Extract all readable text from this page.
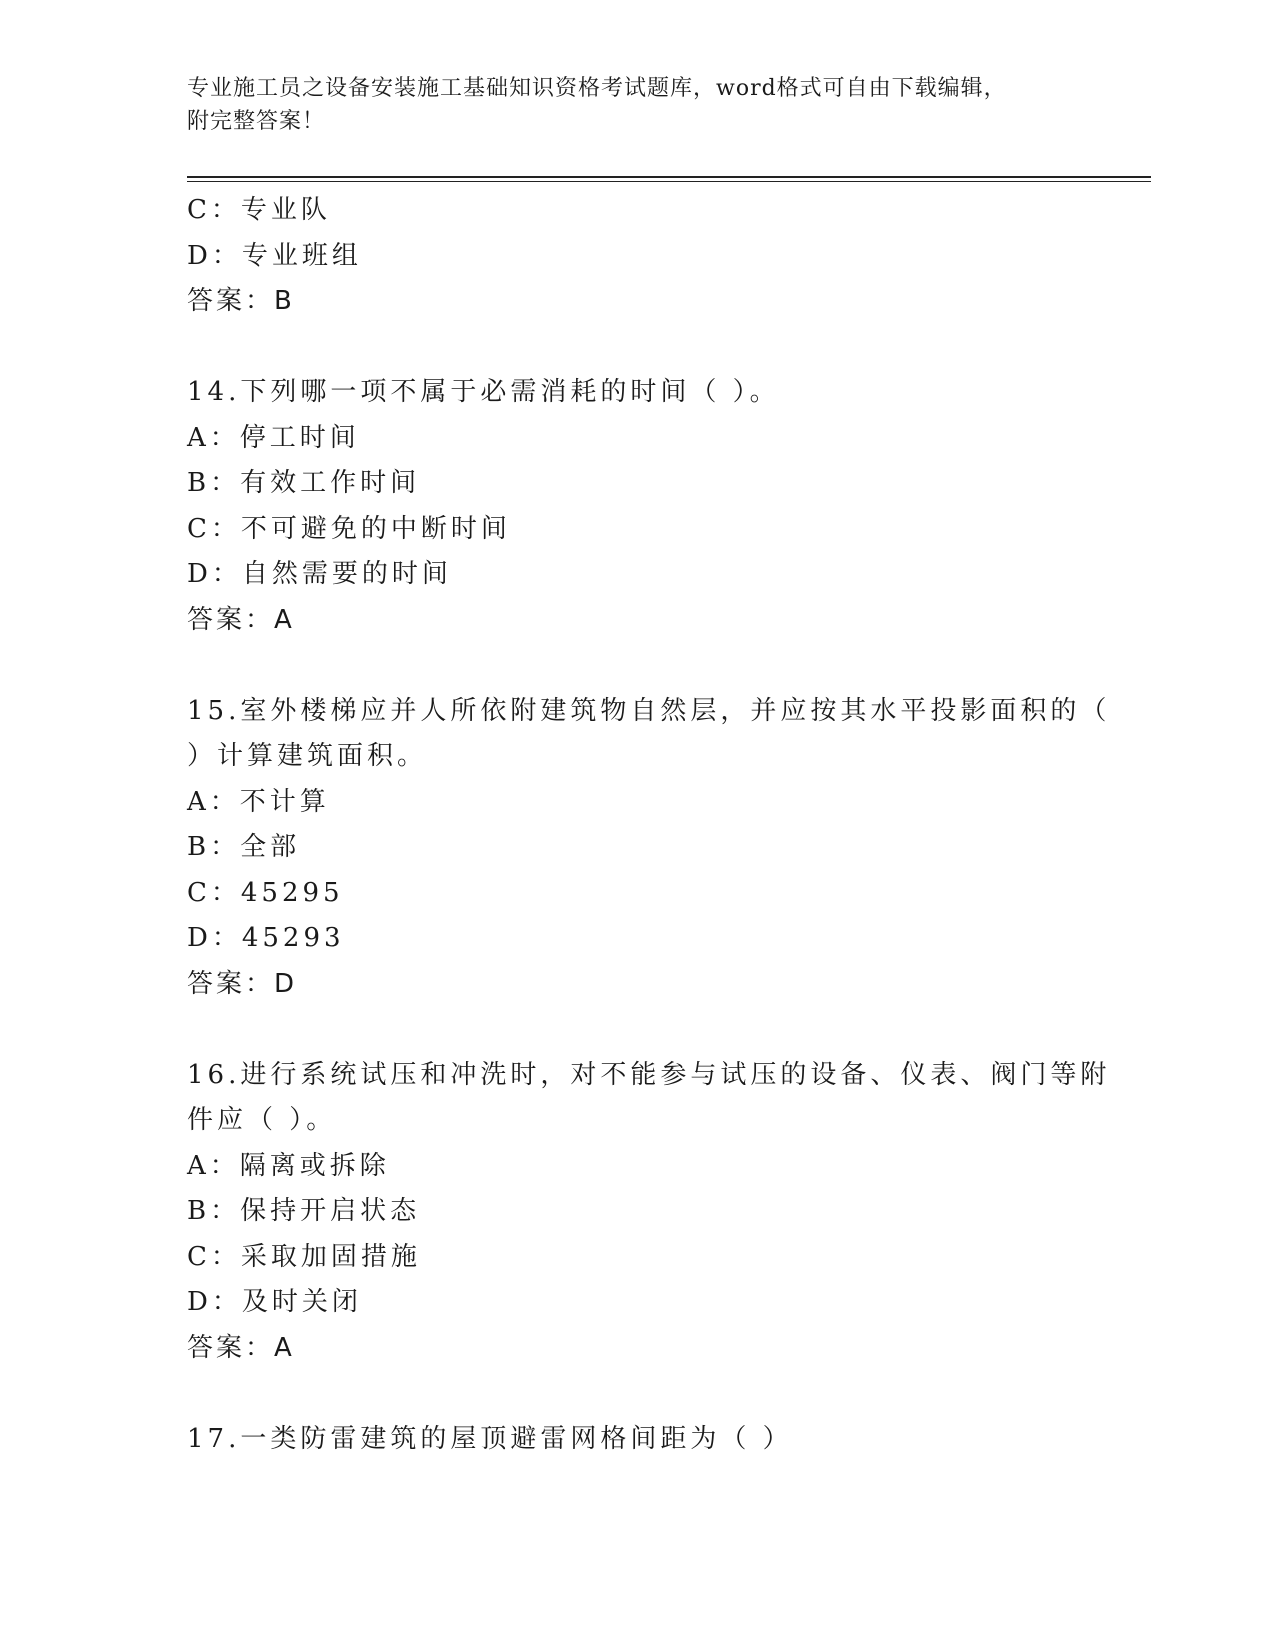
专业施工员之设备安装施工基础知识资格考试题库，word格式可自由下载编辑，
附完整答案！
C：专业队
D：专业班组
答案：B
14.下列哪一项不属于必需消耗的时间（ ）。
A：停工时间
B：有效工作时间
C：不可避免的中断时间
D：自然需要的时间
答案：A
15.室外楼梯应并人所依附建筑物自然层，并应按其水平投影面积的（
）计算建筑面积。
A：不计算
B：全部
C：45295
D：45293
答案：D
16.进行系统试压和冲洗时，对不能参与试压的设备、仪表、阀门等附
件应（ ）。
A：隔离或拆除
B：保持开启状态
C：采取加固措施
D：及时关闭
答案：A
17.一类防雷建筑的屋顶避雷网格间距为（ ）
